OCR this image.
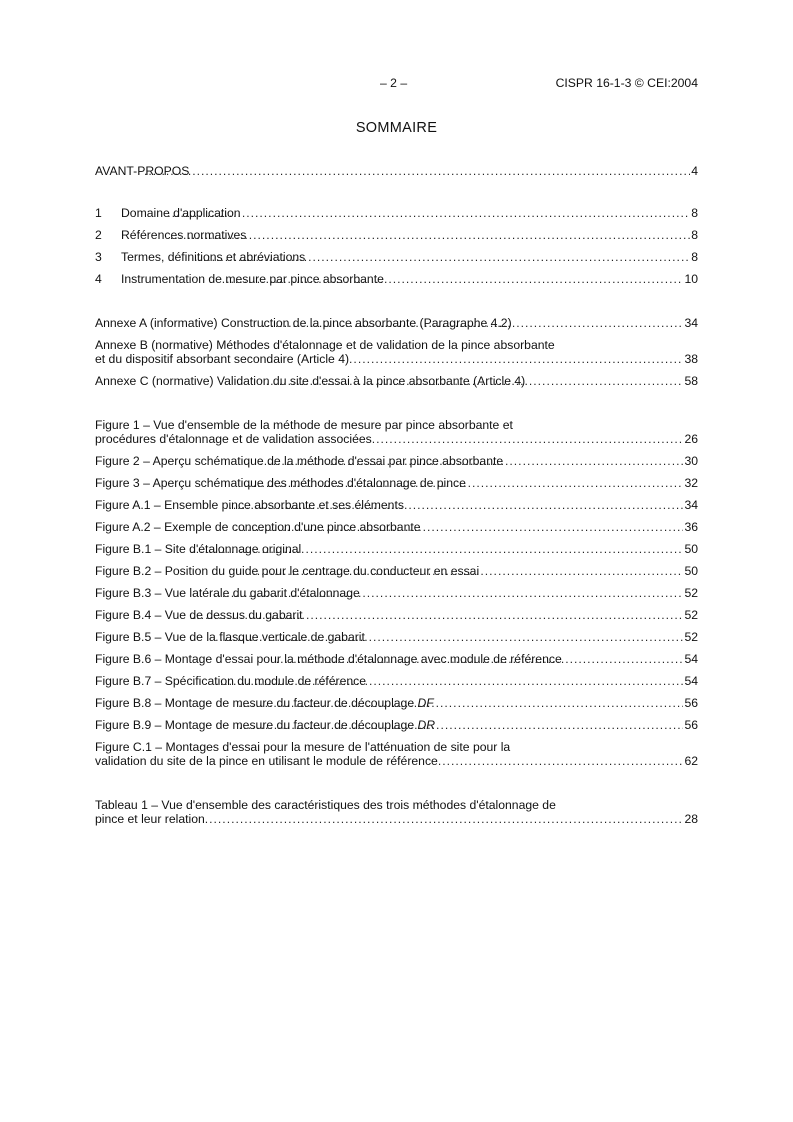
– 2 –	CISPR 16-1-3 © CEI:2004
SOMMAIRE
AVANT-PROPOS .....	4
1 Domaine d'application .....	8
2 Références normatives .....	8
3 Termes, définitions et abréviations .....	8
4 Instrumentation de mesure par pince absorbante .....	10
Annexe A (informative) Construction de la pince absorbante (Paragraphe 4.2) .....	34
Annexe B (normative) Méthodes d'étalonnage et de validation de la pince absorbante
et du dispositif absorbant secondaire (Article 4) .....	38
Annexe C (normative) Validation du site d'essai à la pince absorbante (Article 4) .....	58
Figure 1 – Vue d'ensemble de la méthode de mesure par pince absorbante et
procédures d'étalonnage et de validation associées .....	26
Figure 2 – Aperçu schématique de la méthode d'essai par pince absorbante .....	30
Figure 3 – Aperçu schématique des méthodes d'étalonnage de pince .....	32
Figure A.1 – Ensemble pince absorbante et ses éléments .....	34
Figure A.2 – Exemple de conception d'une pince absorbante .....	36
Figure B.1 – Site d'étalonnage original .....	50
Figure B.2 – Position du guide pour le centrage du conducteur en essai .....	50
Figure B.3 – Vue latérale du gabarit d'étalonnage .....	52
Figure B.4 – Vue de dessus du gabarit .....	52
Figure B.5 – Vue de la flasque verticale de gabarit .....	52
Figure B.6 – Montage d'essai pour la méthode d'étalonnage avec module de référence .....	54
Figure B.7 – Spécification du module de référence .....	54
Figure B.8 – Montage de mesure du facteur de découplage DF .....	56
Figure B.9 – Montage de mesure du facteur de découplage DR .....	56
Figure C.1 – Montages d'essai pour la mesure de l'atténuation de site pour la
validation du site de la pince en utilisant le module de référence .....	62
Tableau 1 – Vue d'ensemble des caractéristiques des trois méthodes d'étalonnage de
pince et leur relation .....	28
